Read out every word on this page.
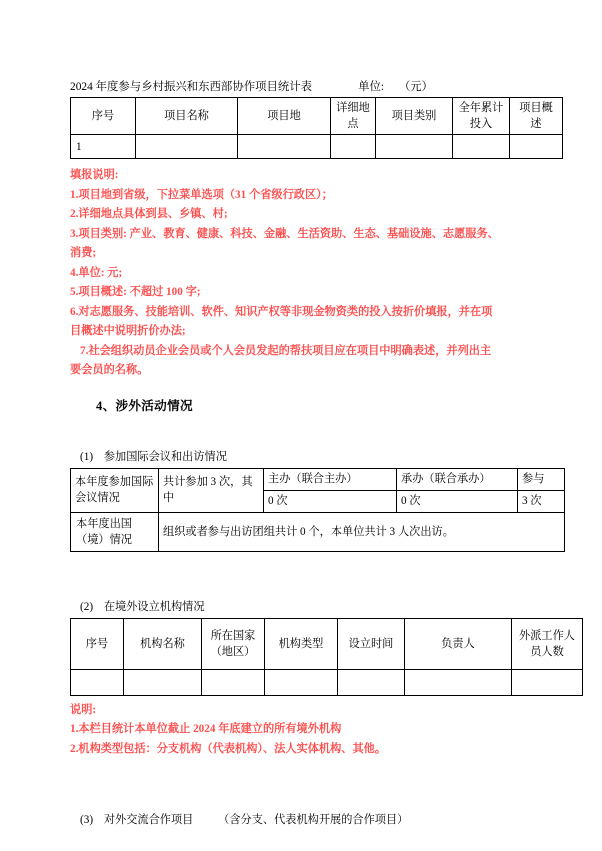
2024 年度参与乡村振兴和东西部协作项目统计表	单位: （元）
序号	项目名称	项目地	详细地点	项目类别	全年累计投入	项目概述
1						

填报说明:

1.项目地到省级，下拉菜单选项（31 个省级行政区）；

2.详细地点具体到县、乡镇、村;

3.项目类别: 产业、教育、健康、科技、金融、生活资助、生态、基础设施、志愿服务、

消费;

4.单位: 元;

5.项目概述: 不超过 100 字;

6.对志愿服务、技能培训、软件、知识产权等非现金物资类的投入按折价填报，并在项

目概述中说明折价办法;

7.社会组织动员企业会员或个人会员发起的帮扶项目应在项目中明确表述，并列出主

要会员的名称。

4、涉外活动情况
(1) 参加国际会议和出访情况
本年度参加国际会议情况	共计参加 3 次，其中	主办（联合主办）	承办（联合承办）	参与
		0 次	0 次	3 次
本年度出国（境）情况	组织或者参与出访团组共计 0 个，本单位共计 3 人次出访。			
(2) 在境外设立机构情况
序号	机构名称	所在国家（地区）	机构类型	设立时间	负责人	外派工作人员人数

说明:

1.本栏目统计本单位截止 2024 年底建立的所有境外机构

2.机构类型包括：分支机构（代表机构）、法人实体机构、其他。

(3) 对外交流合作项目 （含分支、代表机构开展的合作项目）
